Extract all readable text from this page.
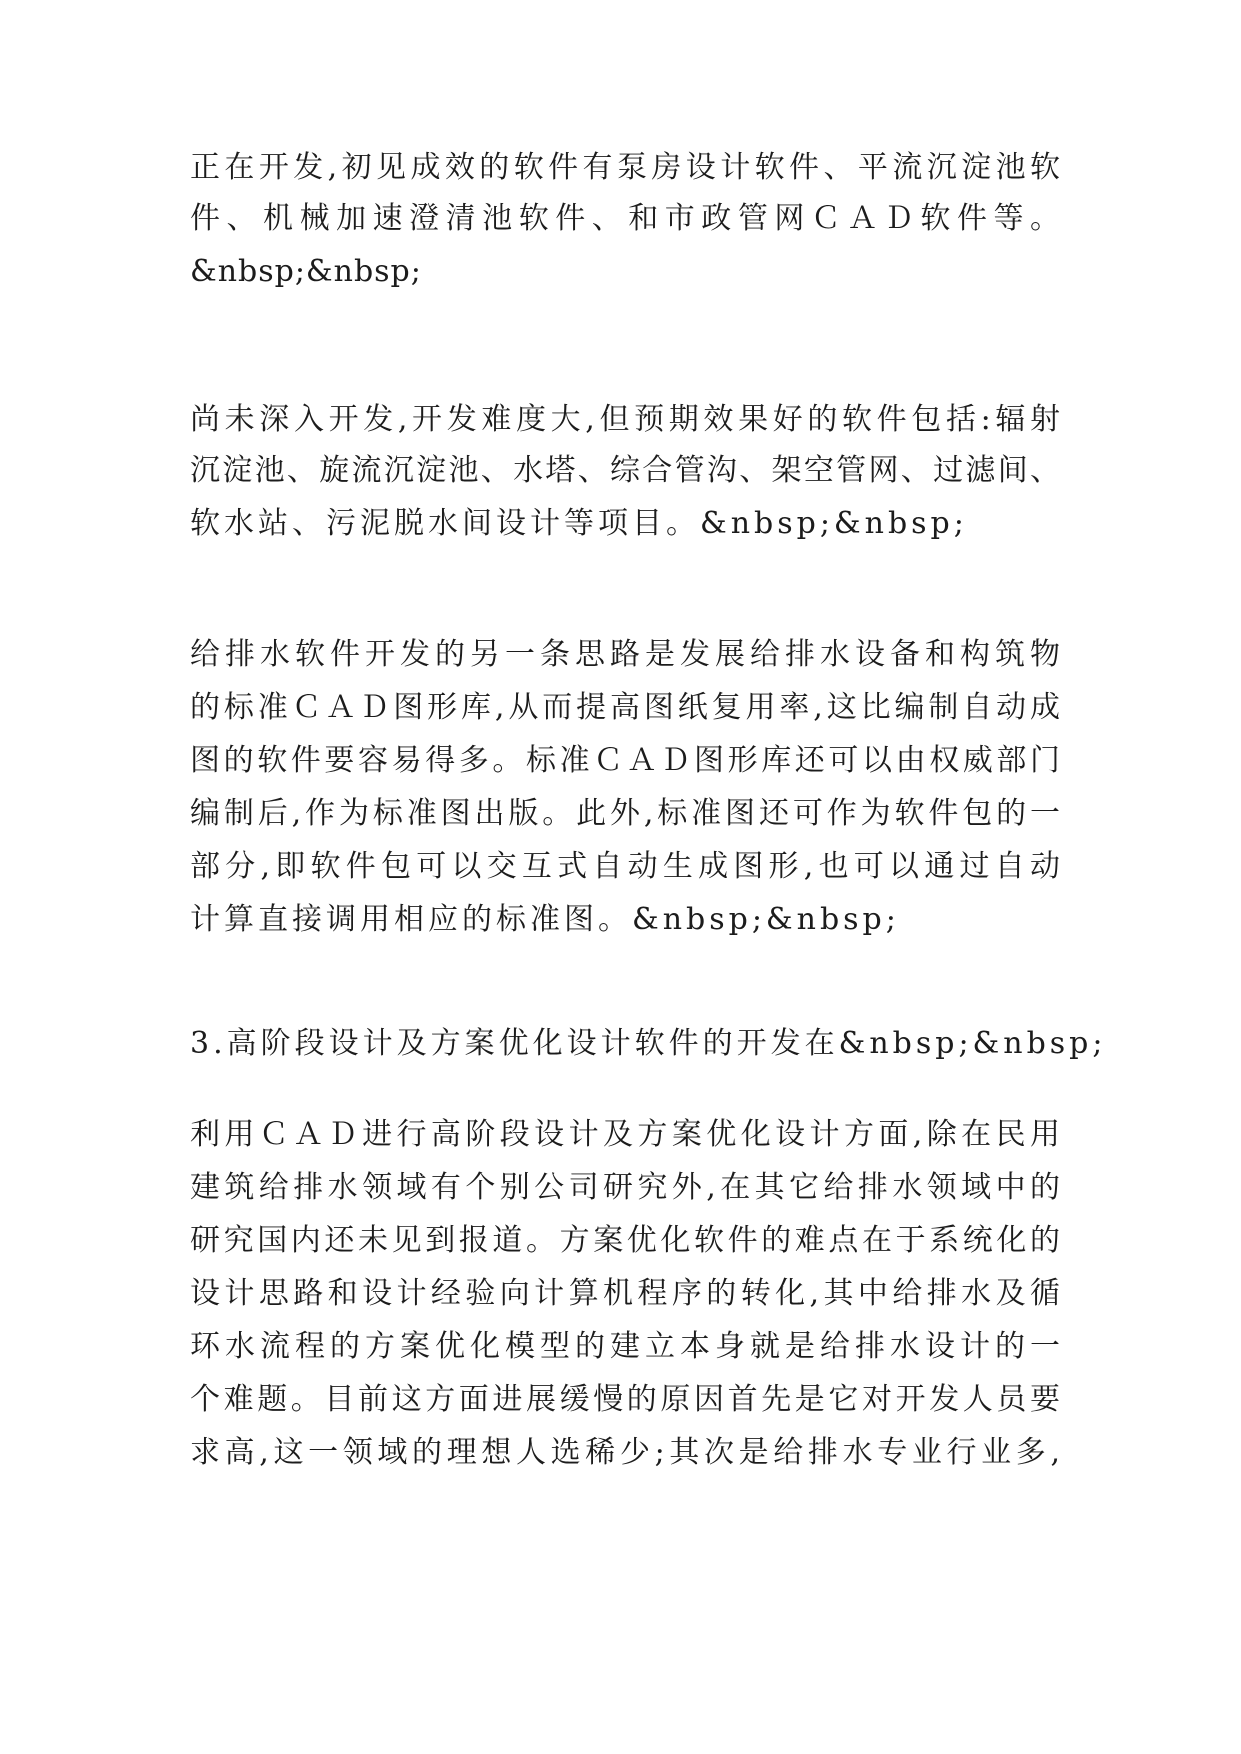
正在开发,初见成效的软件有泵房设计软件、平流沉淀池软
件、机械加速澄清池软件、和市政管网ＣＡＤ软件等。
&nbsp;&nbsp;
尚未深入开发,开发难度大,但预期效果好的软件包括:辐射
沉淀池、旋流沉淀池、水塔、综合管沟、架空管网、过滤间、
软水站、污泥脱水间设计等项目。&nbsp;&nbsp;
给排水软件开发的另一条思路是发展给排水设备和构筑物
的标准ＣＡＤ图形库,从而提高图纸复用率,这比编制自动成
图的软件要容易得多。标准ＣＡＤ图形库还可以由权威部门
编制后,作为标准图出版。此外,标准图还可作为软件包的一
部分,即软件包可以交互式自动生成图形,也可以通过自动
计算直接调用相应的标准图。&nbsp;&nbsp;
3.高阶段设计及方案优化设计软件的开发在&nbsp;&nbsp;
利用ＣＡＤ进行高阶段设计及方案优化设计方面,除在民用
建筑给排水领域有个别公司研究外,在其它给排水领域中的
研究国内还未见到报道。方案优化软件的难点在于系统化的
设计思路和设计经验向计算机程序的转化,其中给排水及循
环水流程的方案优化模型的建立本身就是给排水设计的一
个难题。目前这方面进展缓慢的原因首先是它对开发人员要
求高,这一领域的理想人选稀少;其次是给排水专业行业多,
